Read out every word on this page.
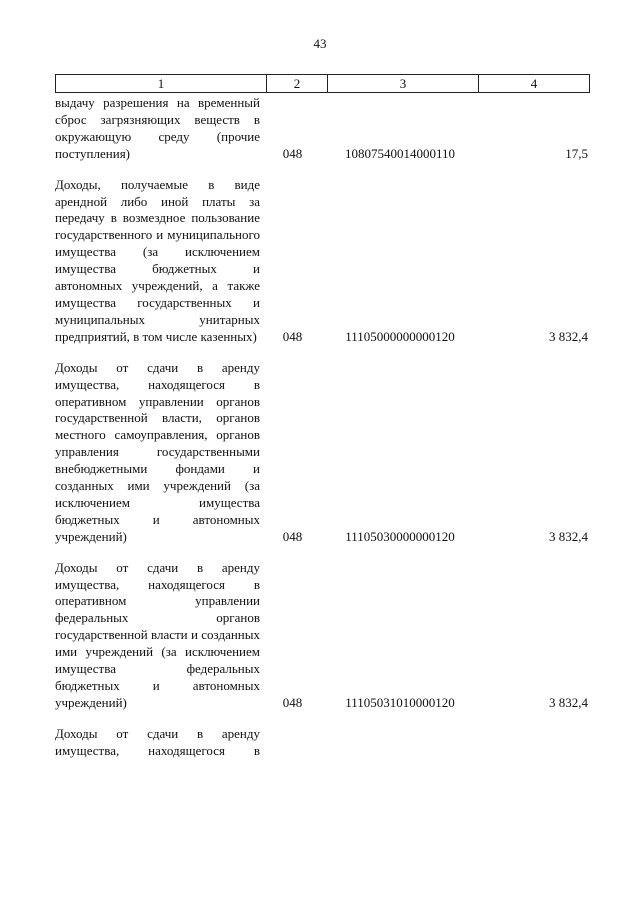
43
1	2	3	4
выдачу разрешения на временный сброс загрязняющих веществ в окружающую среду (прочие поступления)	048	10807540014000110	17,5
Доходы, получаемые в виде арендной либо иной платы за передачу в возмездное пользование государственного и муниципального имущества (за исключением имущества бюджетных и автономных учреждений, а также имущества государственных и муниципальных унитарных предприятий, в том числе казенных)	048	11105000000000120	3 832,4
Доходы от сдачи в аренду имущества, находящегося в оперативном управлении органов государственной власти, органов местного самоуправления, органов управления государственными внебюджетными фондами и созданных ими учреждений (за исключением имущества бюджетных и автономных учреждений)	048	11105030000000120	3 832,4
Доходы от сдачи в аренду имущества, находящегося в оперативном управлении федеральных органов государственной власти и созданных ими учреждений (за исключением имущества федеральных бюджетных и автономных учреждений)	048	11105031010000120	3 832,4
Доходы от сдачи в аренду имущества, находящегося в
